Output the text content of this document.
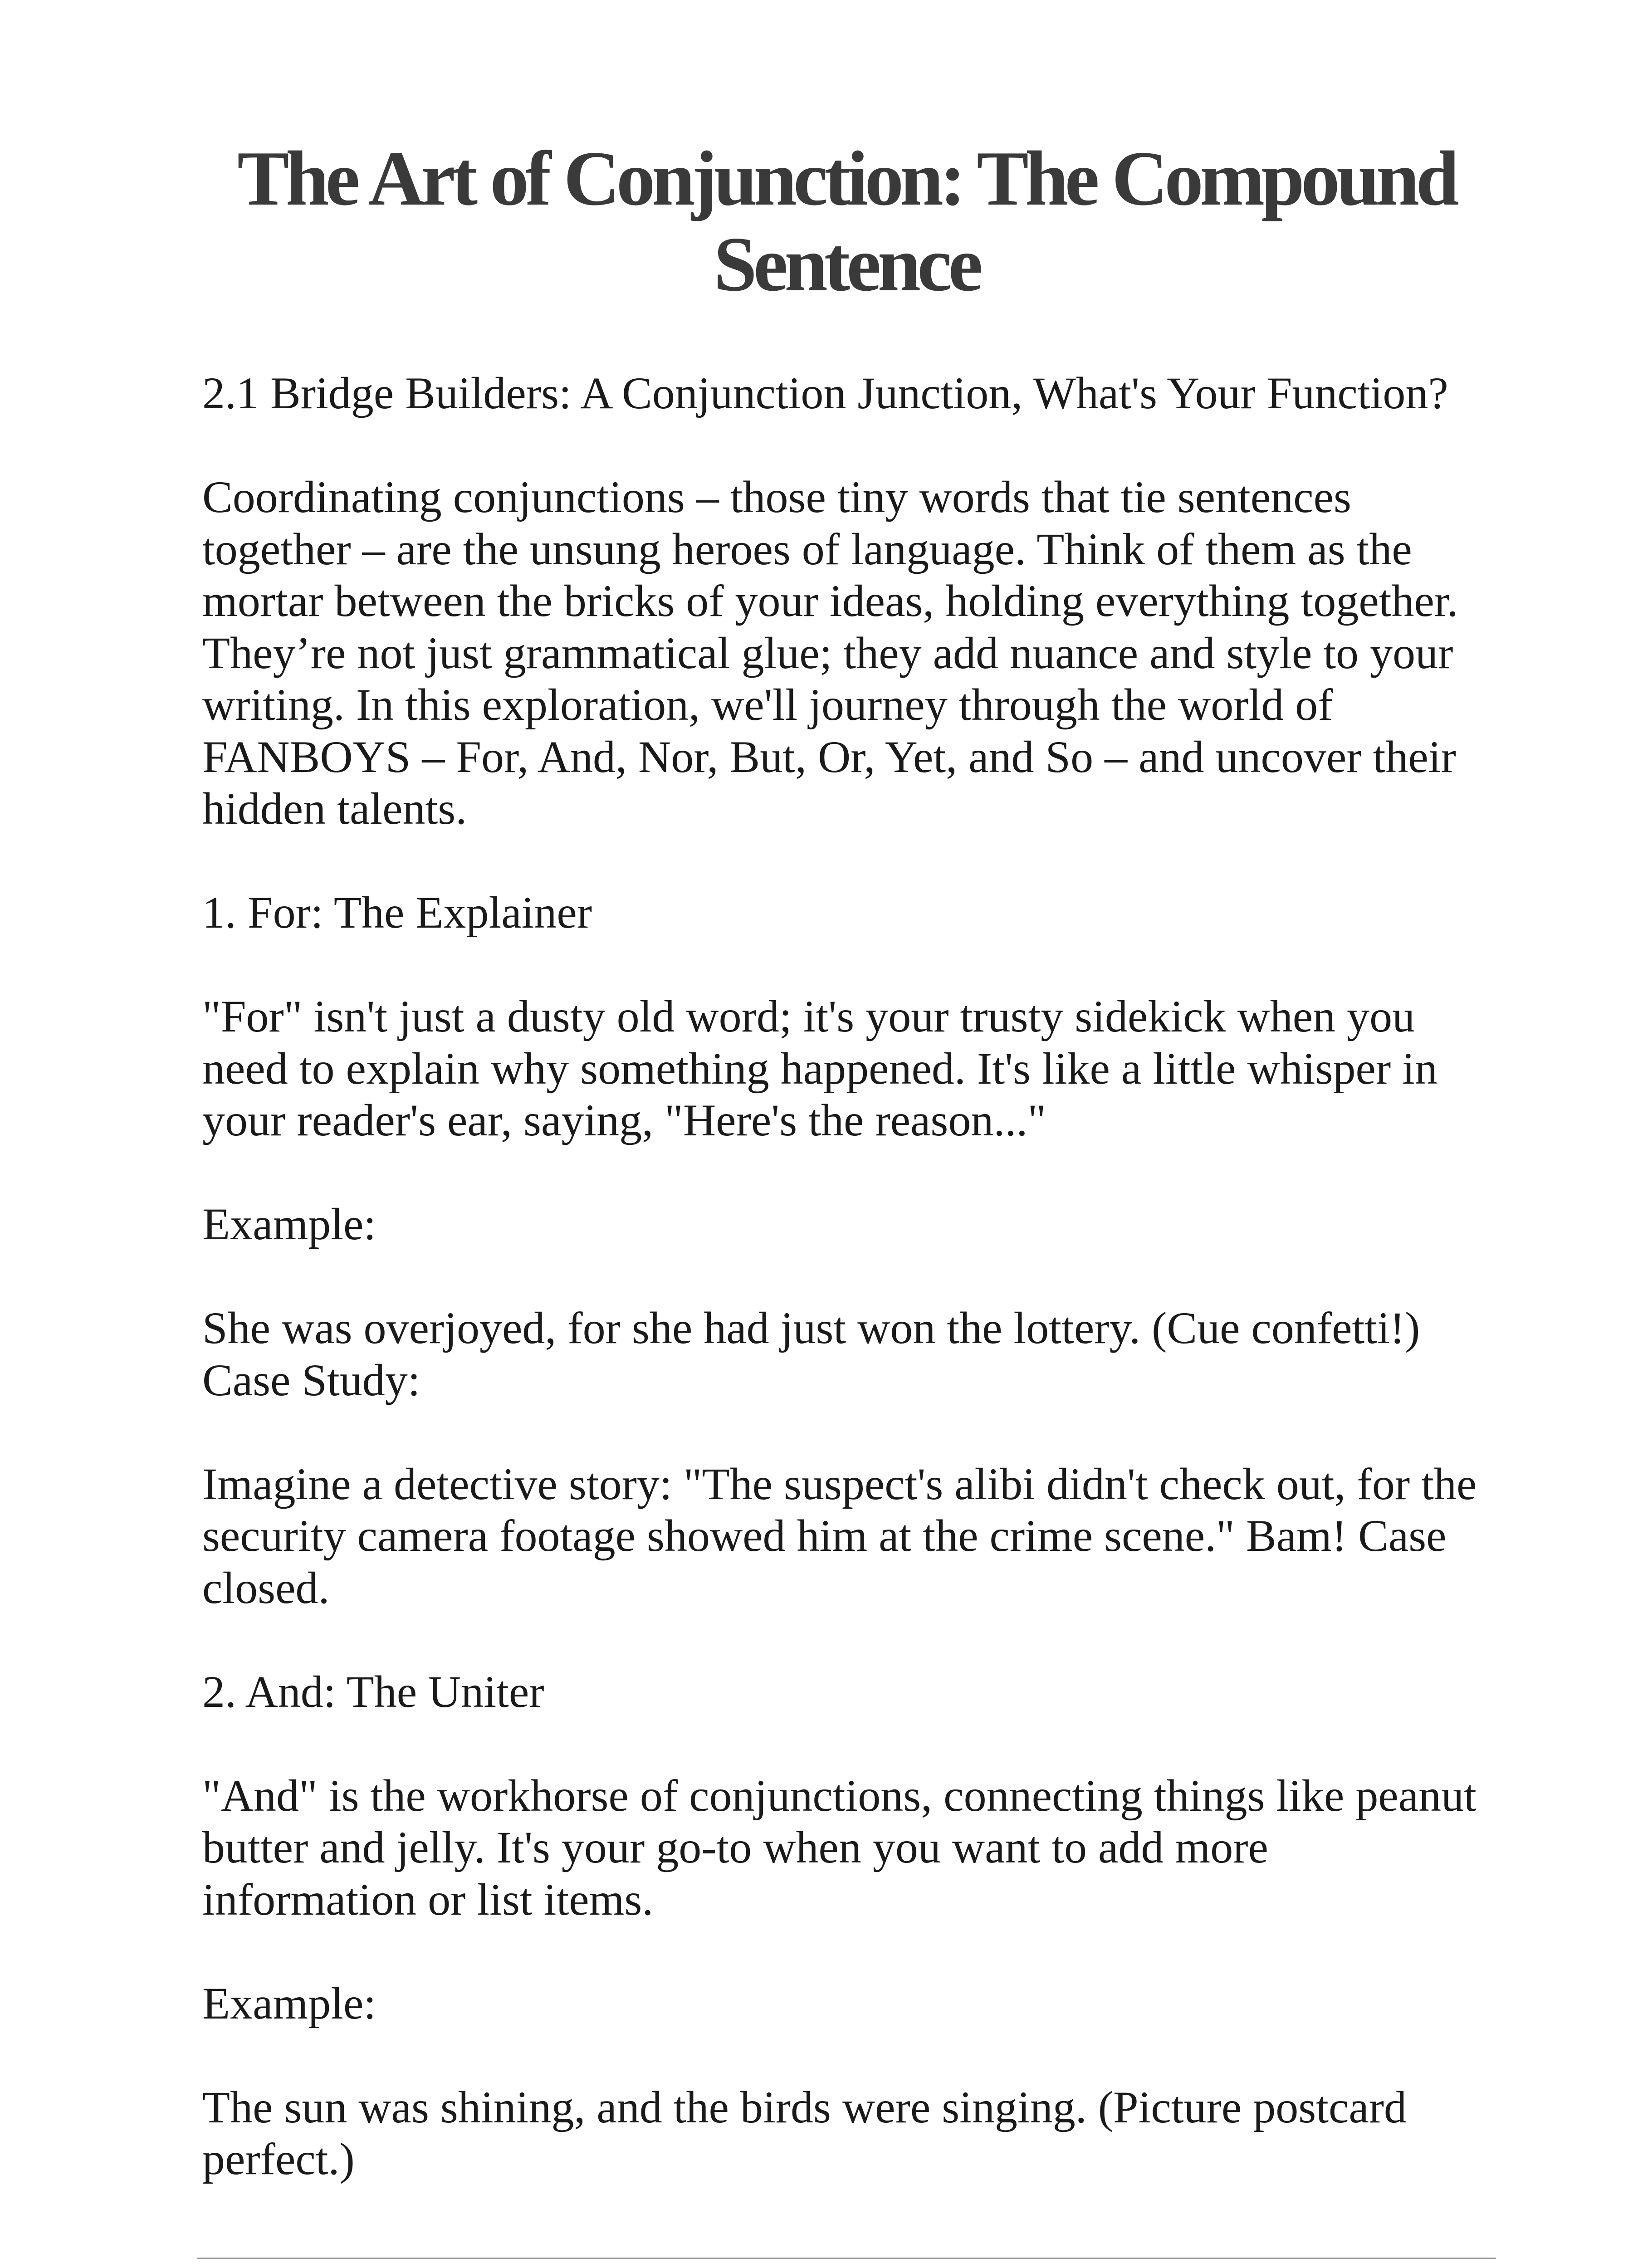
The Art of Conjunction: The Compound
Sentence

2.1 Bridge Builders: A Conjunction Junction, What's Your Function?

Coordinating conjunctions – those tiny words that tie sentences
together – are the unsung heroes of language. Think of them as the
mortar between the bricks of your ideas, holding everything together.
They’re not just grammatical glue; they add nuance and style to your
writing. In this exploration, we'll journey through the world of
FANBOYS – For, And, Nor, But, Or, Yet, and So – and uncover their
hidden talents.

1. For: The Explainer

"For" isn't just a dusty old word; it's your trusty sidekick when you
need to explain why something happened. It's like a little whisper in
your reader's ear, saying, "Here's the reason..."

Example:

She was overjoyed, for she had just won the lottery. (Cue confetti!)

Case Study:

Imagine a detective story: "The suspect's alibi didn't check out, for the
security camera footage showed him at the crime scene." Bam! Case
closed.

2. And: The Uniter

"And" is the workhorse of conjunctions, connecting things like peanut
butter and jelly. It's your go-to when you want to add more
information or list items.

Example:

The sun was shining, and the birds were singing. (Picture postcard
perfect.)
